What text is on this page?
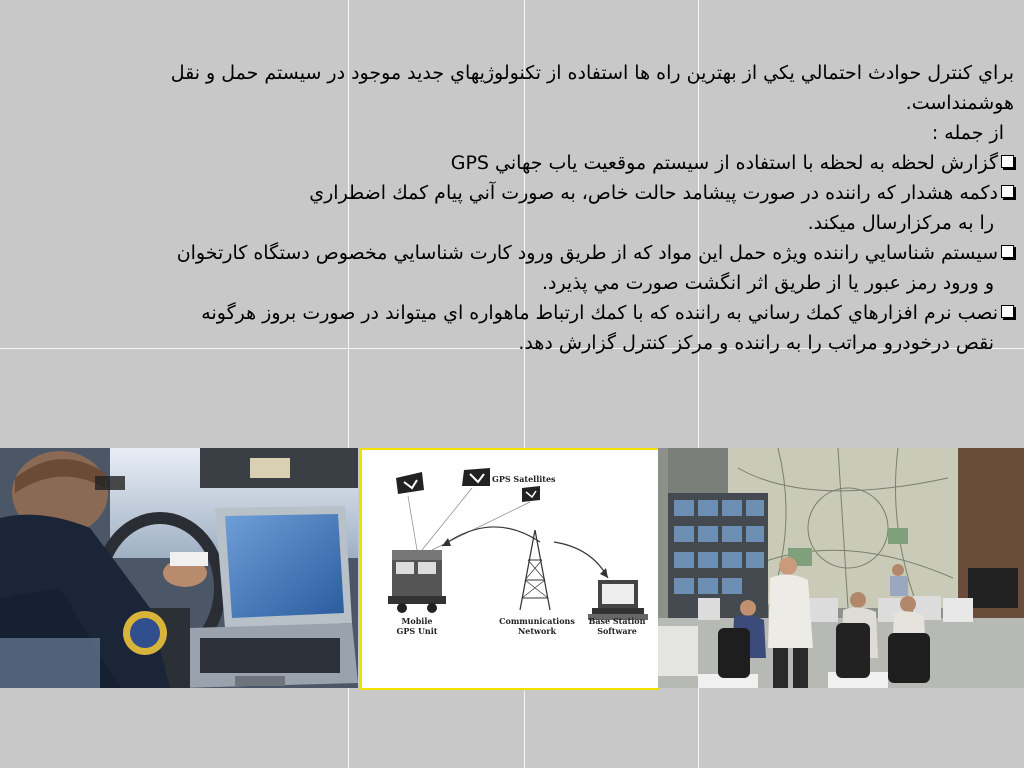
براي كنترل حوادث احتمالي يكي از بهترين راه ها استفاده از تكنولوژيهاي جديد موجود در سيستم حمل و نقل

هوشمنداست.

از جمله :

گزارش لحظه به لحظه با استفاده از سيستم موقعيت ياب جهاني GPS

دكمه هشدار كه راننده در صورت پيشامد حالت خاص، به صورت آني پيام كمك اضطراري

را به مركزارسال ميكند.

سيستم شناسايي راننده ويژه حمل اين مواد كه از طريق ورود كارت شناسايي مخصوص دستگاه كارتخوان

و ورود رمز عبور يا از طريق اثر انگشت صورت مي پذيرد.

نصب نرم افزارهاي كمك رساني به راننده كه با كمك ارتباط ماهواره اي ميتواند در صورت بروز هرگونه

نقص درخودرو مراتب را به راننده و مركز كنترل گزارش دهد.

GPS Satellites
Mobile
GPS Unit
Communications
Network
Base Station
Software
